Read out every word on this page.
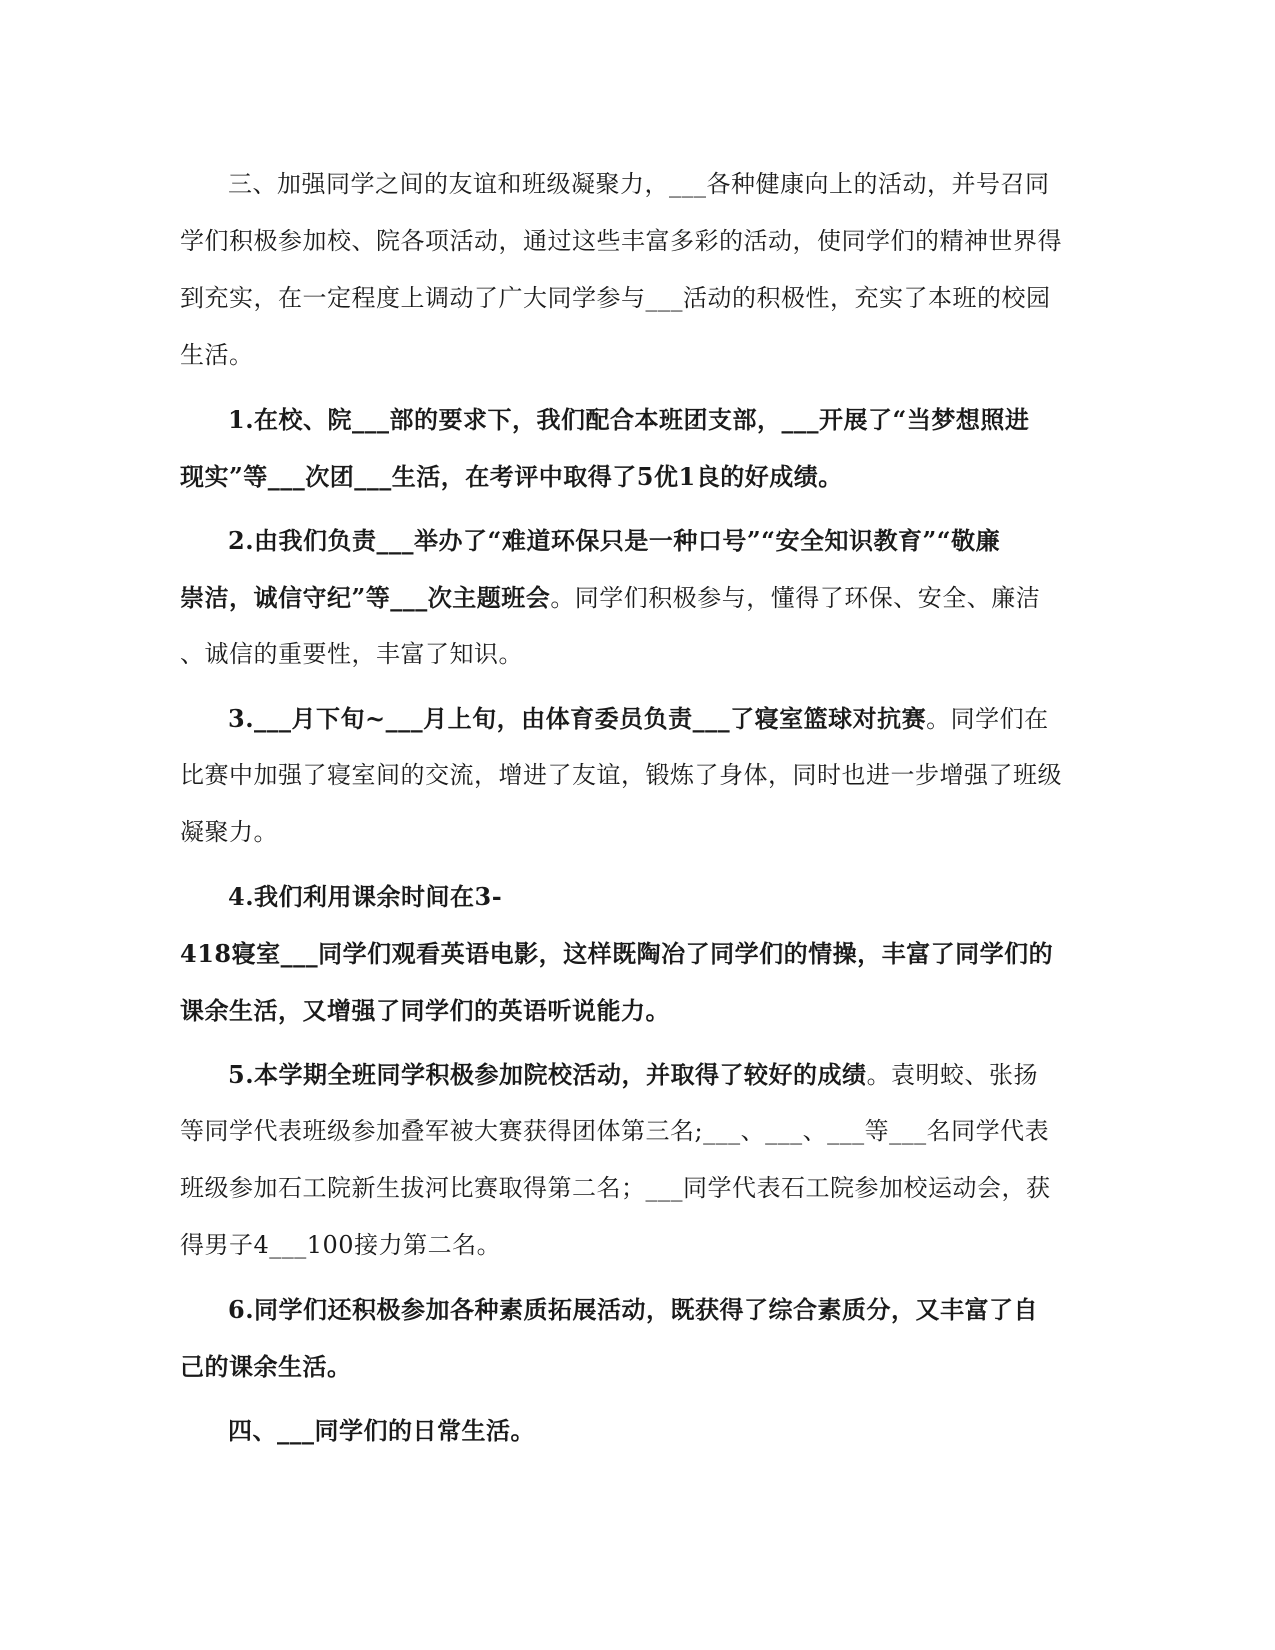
三、加强同学之间的友谊和班级凝聚力，___各种健康向上的活动，并号召同
学们积极参加校、院各项活动，通过这些丰富多彩的活动，使同学们的精神世界得
到充实，在一定程度上调动了广大同学参与___活动的积极性，充实了本班的校园
生活。
1.在校、院___部的要求下，我们配合本班团支部，___开展了“当梦想照进
现实”等___次团___生活，在考评中取得了5优1良的好成绩。
2.由我们负责___举办了“难道环保只是一种口号”“安全知识教育”“敬廉
崇洁，诚信守纪”等___次主题班会。同学们积极参与，懂得了环保、安全、廉洁
、诚信的重要性，丰富了知识。
3.___月下旬~___月上旬，由体育委员负责___了寝室篮球对抗赛。同学们在
比赛中加强了寝室间的交流，增进了友谊，锻炼了身体，同时也进一步增强了班级
凝聚力。
4.我们利用课余时间在3-
418寝室___同学们观看英语电影，这样既陶冶了同学们的情操，丰富了同学们的
课余生活，又增强了同学们的英语听说能力。
5.本学期全班同学积极参加院校活动，并取得了较好的成绩。袁明蛟、张扬
等同学代表班级参加叠军被大赛获得团体第三名;___、___、___等___名同学代表
班级参加石工院新生拔河比赛取得第二名；___同学代表石工院参加校运动会，获
得男子4___100接力第二名。
6.同学们还积极参加各种素质拓展活动，既获得了综合素质分，又丰富了自
己的课余生活。
四、___同学们的日常生活。
